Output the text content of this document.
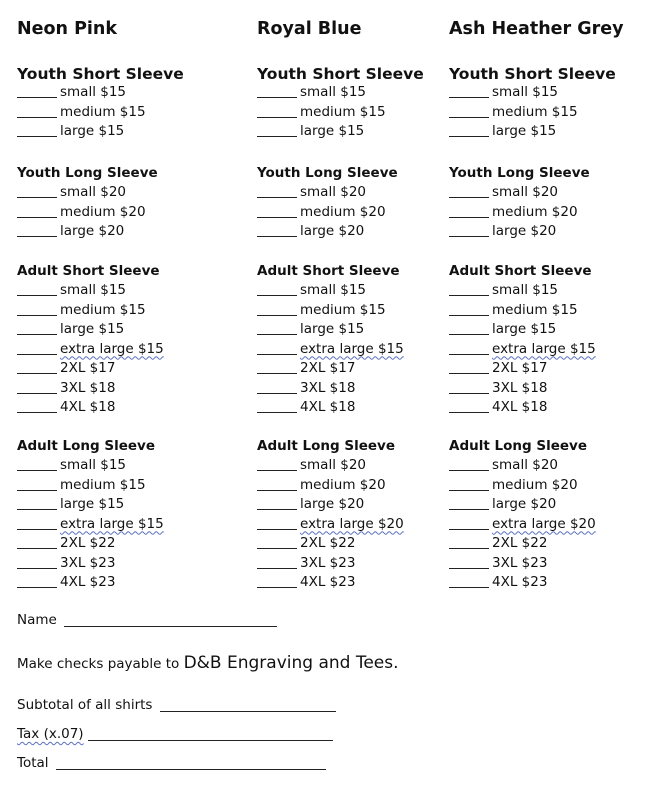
Neon Pink
Youth Short Sleeve
small $15
medium $15
large $15
Youth Long Sleeve
small $20
medium $20
large $20
Adult Short Sleeve
small $15
medium $15
large $15
extra large $15
2XL $17
3XL $18
4XL $18
Adult Long Sleeve
small $15
medium $15
large $15
extra large $15
2XL $22
3XL $23
4XL $23
Royal Blue
Youth Short Sleeve
small $15
medium $15
large $15
Youth Long Sleeve
small $20
medium $20
large $20
Adult Short Sleeve
small $15
medium $15
large $15
extra large $15
2XL $17
3XL $18
4XL $18
Adult Long Sleeve
small $20
medium $20
large $20
extra large $20
2XL $22
3XL $23
4XL $23
Ash Heather Grey
Youth Short Sleeve
small $15
medium $15
large $15
Youth Long Sleeve
small $20
medium $20
large $20
Adult Short Sleeve
small $15
medium $15
large $15
extra large $15
2XL $17
3XL $18
4XL $18
Adult Long Sleeve
small $20
medium $20
large $20
extra large $20
2XL $22
3XL $23
4XL $23
Name
Make checks payable to D&B Engraving and Tees.
Subtotal of all shirts
Tax (x.07)
Total
